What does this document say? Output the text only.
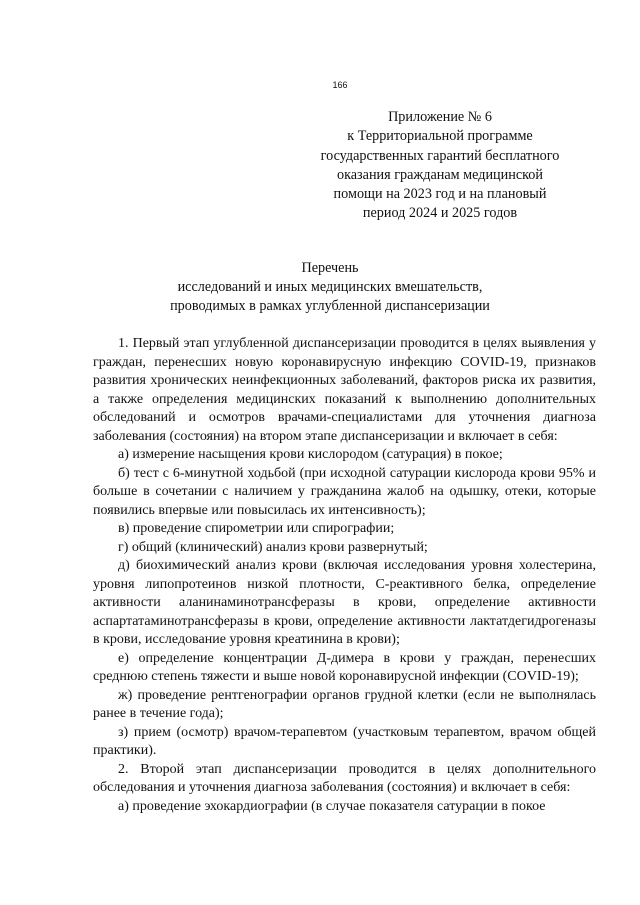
166
Приложение № 6
к Территориальной программе
государственных гарантий бесплатного
оказания гражданам медицинской
помощи на 2023 год и на плановый
период 2024 и 2025 годов
Перечень
исследований и иных медицинских вмешательств,
проводимых в рамках углубленной диспансеризации

1. Первый этап углубленной диспансеризации проводится в целях выявления у граждан, перенесших новую коронавирусную инфекцию COVID-19, признаков развития хронических неинфекционных заболеваний, факторов риска их развития, а также определения медицинских показаний к выполнению дополнительных обследований и осмотров врачами-специалистами для уточнения диагноза заболевания (состояния) на втором этапе диспансеризации и включает в себя:

а) измерение насыщения крови кислородом (сатурация) в покое;

б) тест с 6-минутной ходьбой (при исходной сатурации кислорода крови 95% и больше в сочетании с наличием у гражданина жалоб на одышку, отеки, которые появились впервые или повысилась их интенсивность);

в) проведение спирометрии или спирографии;

г) общий (клинический) анализ крови развернутый;

д) биохимический анализ крови (включая исследования уровня холестерина, уровня липопротеинов низкой плотности, С-реактивного белка, определение активности аланинаминотрансферазы в крови, определение активности аспартатаминотрансферазы в крови, определение активности лактатдегидрогеназы в крови, исследование уровня креатинина в крови);

е) определение концентрации Д-димера в крови у граждан, перенесших среднюю степень тяжести и выше новой коронавирусной инфекции (COVID-19);

ж) проведение рентгенографии органов грудной клетки (если не выполнялась ранее в течение года);

з) прием (осмотр) врачом-терапевтом (участковым терапевтом, врачом общей практики).

2. Второй этап диспансеризации проводится в целях дополнительного обследования и уточнения диагноза заболевания (состояния) и включает в себя:

а) проведение эхокардиографии (в случае показателя сатурации в покое
